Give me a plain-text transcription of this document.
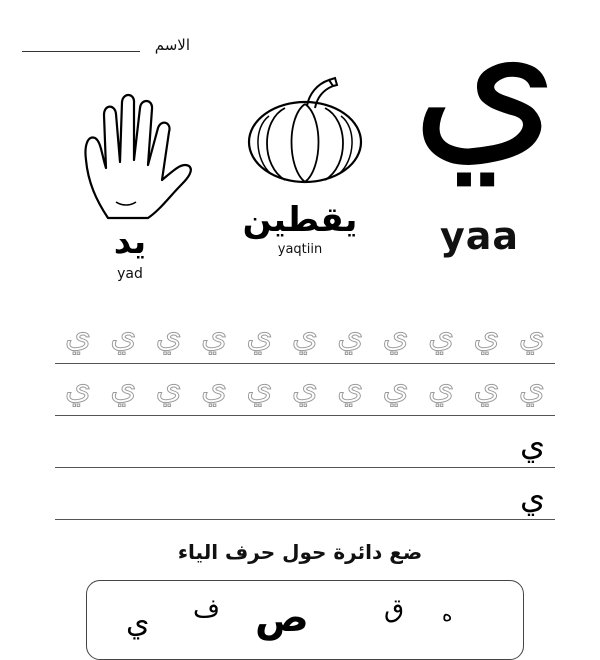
الاسم ي
yaa
يد
yad
يقطين
yaqtiin
ي ي ي ي ي ي ي ي ي ي ي
ي ي ي ي ي ي ي ي ي ي ي
ي
ي
ضع دائرة حول حرف الياء
ي ف ص	ق ه
